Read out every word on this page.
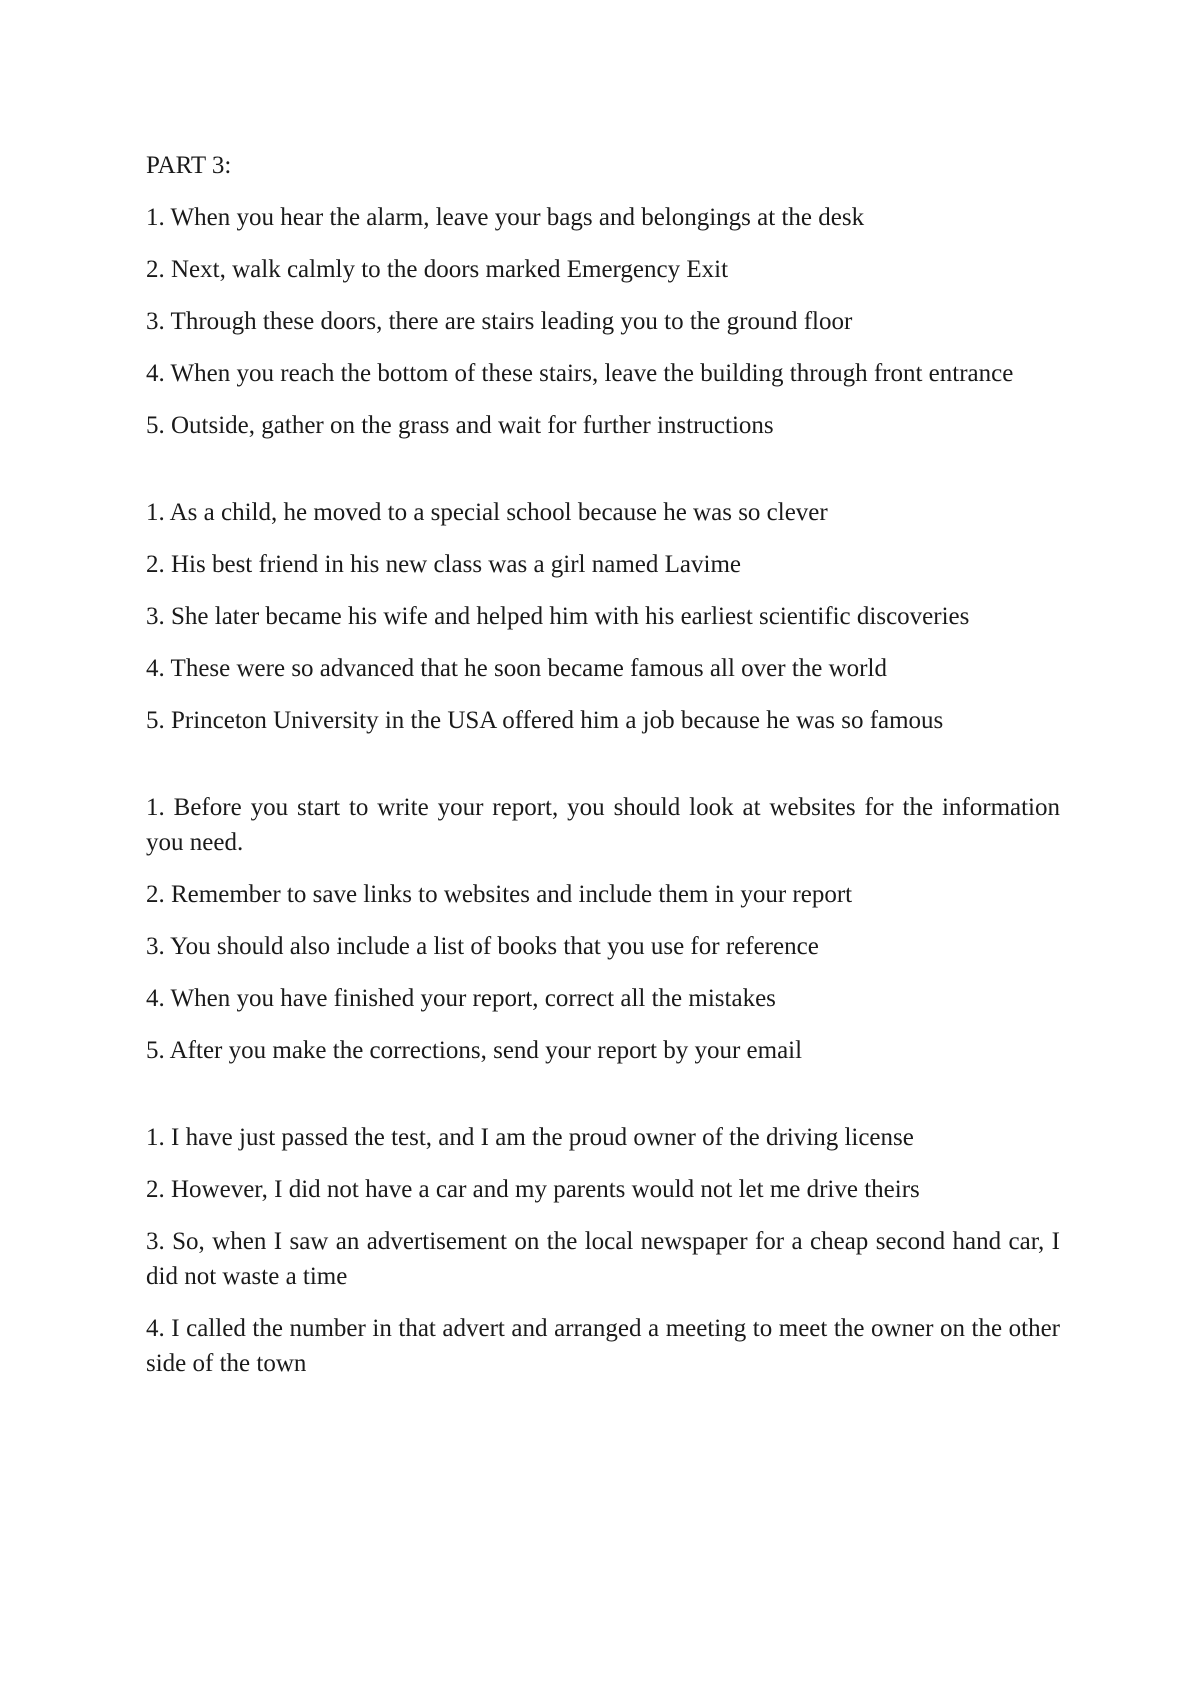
PART 3:

1. When you hear the alarm, leave your bags and belongings at the desk

2. Next, walk calmly to the doors marked Emergency Exit

3. Through these doors, there are stairs leading you to the ground floor

4. When you reach the bottom of these stairs, leave the building through front entrance

5. Outside, gather on the grass and wait for further instructions

1. As a child, he moved to a special school because he was so clever

2. His best friend in his new class was a girl named Lavime

3. She later became his wife and helped him with his earliest scientific discoveries

4. These were so advanced that he soon became famous all over the world

5. Princeton University in the USA offered him a job because he was so famous

1. Before you start to write your report, you should look at websites for the information you need.

2. Remember to save links to websites and include them in your report

3. You should also include a list of books that you use for reference

4. When you have finished your report, correct all the mistakes

5. After you make the corrections, send your report by your email

1. I have just passed the test, and I am the proud owner of the driving license

2. However, I did not have a car and my parents would not let me drive theirs

3. So, when I saw an advertisement on the local newspaper for a cheap second hand car, I did not waste a time

4. I called the number in that advert and arranged a meeting to meet the owner on the other side of the town
